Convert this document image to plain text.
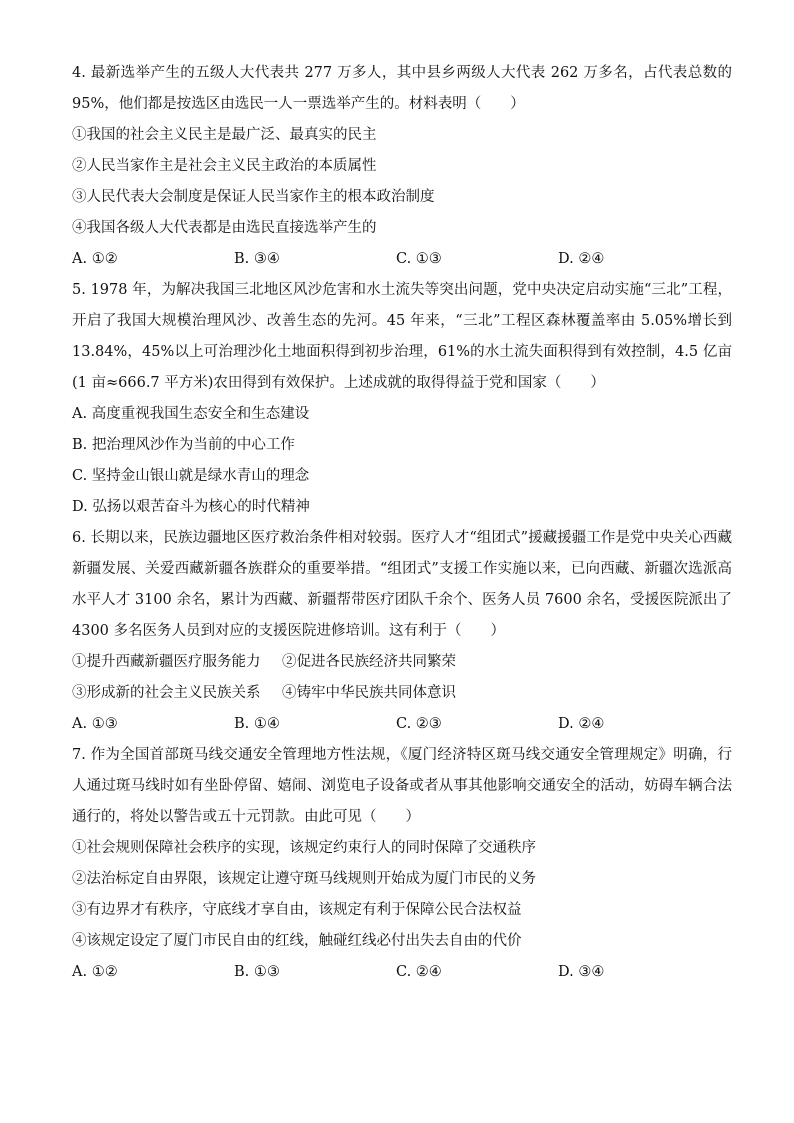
4. 最新选举产生的五级人大代表共 277 万多人，其中县乡两级人大代表 262 万多名，占代表总数的95%，他们都是按选区由选民一人一票选举产生的。材料表明（　　）

①我国的社会主义民主是最广泛、最真实的民主

②人民当家作主是社会主义民主政治的本质属性

③人民代表大会制度是保证人民当家作主的根本政治制度

④我国各级人大代表都是由选民直接选举产生的

A. ①②	B. ③④	C. ①③	D. ②④

5. 1978 年，为解决我国三北地区风沙危害和水土流失等突出问题，党中央决定启动实施“三北”工程，开启了我国大规模治理风沙、改善生态的先河。45 年来，“三北”工程区森林覆盖率由 5.05%增长到 13.84%，45%以上可治理沙化土地面积得到初步治理，61%的水土流失面积得到有效控制，4.5 亿亩(1 亩≈666.7 平方米)农田得到有效保护。上述成就的取得得益于党和国家（　　）

A. 高度重视我国生态安全和生态建设

B. 把治理风沙作为当前的中心工作

C. 坚持金山银山就是绿水青山的理念

D. 弘扬以艰苦奋斗为核心的时代精神

6. 长期以来，民族边疆地区医疗救治条件相对较弱。医疗人才“组团式”援藏援疆工作是党中央关心西藏新疆发展、关爱西藏新疆各族群众的重要举措。“组团式”支援工作实施以来，已向西藏、新疆次选派高水平人才 3100 余名，累计为西藏、新疆帮带医疗团队千余个、医务人员 7600 余名，受援医院派出了 4300 多名医务人员到对应的支援医院进修培训。这有利于（　　）

①提升西藏新疆医疗服务能力 ②促进各民族经济共同繁荣

③形成新的社会主义民族关系 ④铸牢中华民族共同体意识

A. ①③	B. ①④	C. ②③	D. ②④

7. 作为全国首部斑马线交通安全管理地方性法规，《厦门经济特区斑马线交通安全管理规定》明确，行人通过斑马线时如有坐卧停留、嬉闹、浏览电子设备或者从事其他影响交通安全的活动，妨碍车辆合法通行的，将处以警告或五十元罚款。由此可见（　　）

①社会规则保障社会秩序的实现，该规定约束行人的同时保障了交通秩序

②法治标定自由界限，该规定让遵守斑马线规则开始成为厦门市民的义务

③有边界才有秩序，守底线才享自由，该规定有利于保障公民合法权益

④该规定设定了厦门市民自由的红线，触碰红线必付出失去自由的代价

A. ①②	B. ①③	C. ②④	D. ③④
